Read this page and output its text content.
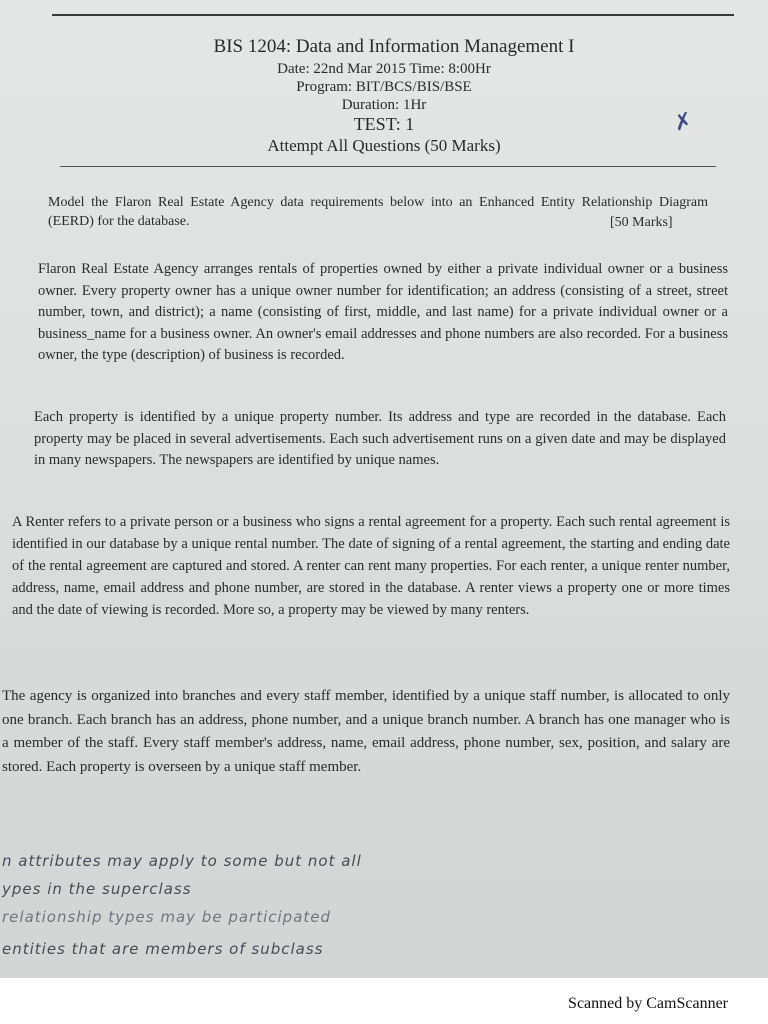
BIS 1204: Data and Information Management I
Date: 22nd Mar 2015 Time: 8:00Hr
Program: BIT/BCS/BIS/BSE
Duration: 1Hr
TEST: 1
Attempt All Questions (50 Marks)
✗

Model the Flaron Real Estate Agency data requirements below into an Enhanced Entity Relationship Diagram (EERD) for the database.	[50 Marks]

Flaron Real Estate Agency arranges rentals of properties owned by either a private individual owner or a business owner. Every property owner has a unique owner number for identification; an address (consisting of a street, street number, town, and district); a name (consisting of first, middle, and last name) for a private individual owner or a business_name for a business owner. An owner's email addresses and phone numbers are also recorded. For a business owner, the type (description) of business is recorded.

Each property is identified by a unique property number. Its address and type are recorded in the database. Each property may be placed in several advertisements. Each such advertisement runs on a given date and may be displayed in many newspapers. The newspapers are identified by unique names.

A Renter refers to a private person or a business who signs a rental agreement for a property. Each such rental agreement is identified in our database by a unique rental number. The date of signing of a rental agreement, the starting and ending date of the rental agreement are captured and stored. A renter can rent many properties. For each renter, a unique renter number, address, name, email address and phone number, are stored in the database. A renter views a property one or more times and the date of viewing is recorded. More so, a property may be viewed by many renters.

The agency is organized into branches and every staff member, identified by a unique staff number, is allocated to only one branch. Each branch has an address, phone number, and a unique branch number. A branch has one manager who is a member of the staff. Every staff member's address, name, email address, phone number, sex, position, and salary are stored. Each property is overseen by a unique staff member.

n attributes may apply to some but not all
ypes in the superclass
relationship types may be participated
entities that are members of subclass
Scanned by CamScanner
